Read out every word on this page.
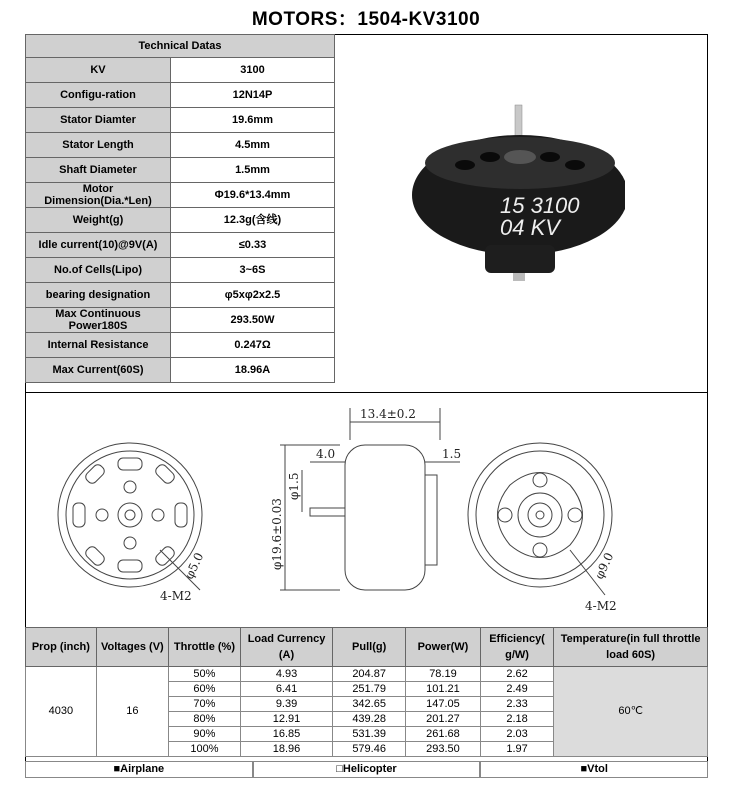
MOTORS：1504-KV3100
Technical Datas	
KV	3100
Configu-ration	12N14P
Stator Diamter	19.6mm
Stator Length	4.5mm
Shaft Diameter	1.5mm
Motor Dimension(Dia.*Len)	Φ19.6*13.4mm
Weight(g)	12.3g(含线)
Idle current(10)@9V(A)	≤0.33
No.of Cells(Lipo)	3~6S
bearing designation	φ5xφ2x2.5
Max Continuous Power180S	293.50W
Internal Resistance	0.247Ω
Max Current(60S)	18.96A
15 3100
04 KV
13.4±0.2
4.0	1.5
φ1.5
φ19.6±0.03
φ5.0
4-M2
φ9.0
4-M2
Prop (inch)	Voltages (V)	Throttle (%)	Load Currency (A)	Pull(g)	Power(W)	Efficiency( g/W)	Temperature(in full throttle load 60S)
4030	16	50%	4.93	204.87	78.19	2.62	60℃
		60%	6.41	251.79	101.21	2.49	
		70%	9.39	342.65	147.05	2.33	
		80%	12.91	439.28	201.27	2.18	
		90%	16.85	531.39	261.68	2.03	
		100%	18.96	579.46	293.50	1.97	
■Airplane	□Helicopter	■Vtol
